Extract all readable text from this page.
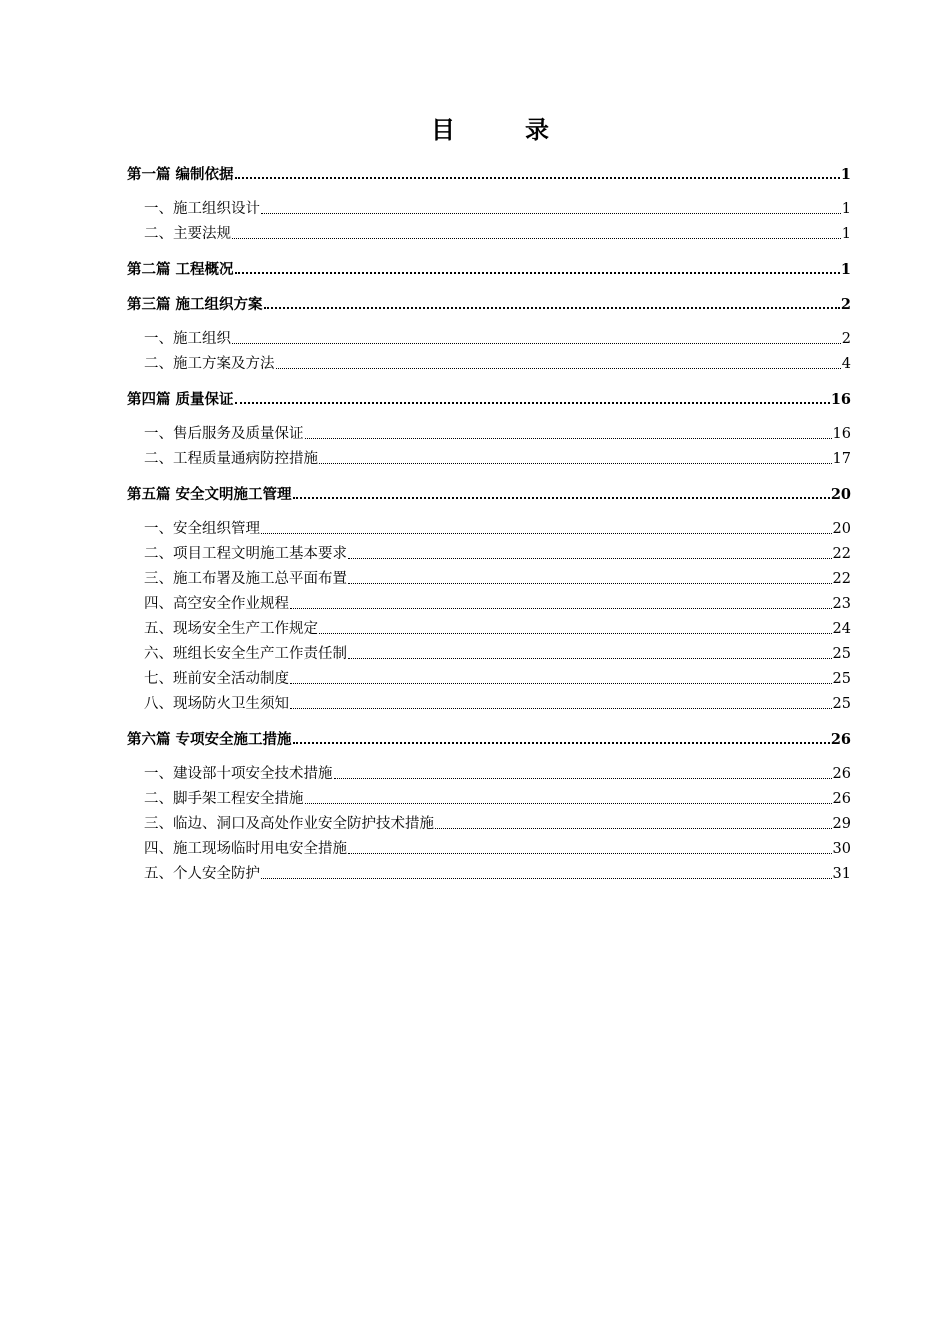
目	录
第一篇 编制依据	1
一、施工组织设计	1
二、主要法规	1
第二篇 工程概况	1
第三篇 施工组织方案	2
一、施工组织	2
二、施工方案及方法	4
第四篇 质量保证	16
一、售后服务及质量保证	16
二、工程质量通病防控措施	17
第五篇 安全文明施工管理	20
一、安全组织管理	20
二、项目工程文明施工基本要求	22
三、施工布署及施工总平面布置	22
四、高空安全作业规程	23
五、现场安全生产工作规定	24
六、班组长安全生产工作责任制	25
七、班前安全活动制度	25
八、现场防火卫生须知	25
第六篇 专项安全施工措施	26
一、建设部十项安全技术措施	26
二、脚手架工程安全措施	26
三、临边、洞口及高处作业安全防护技术措施	29
四、施工现场临时用电安全措施	30
五、个人安全防护	31
